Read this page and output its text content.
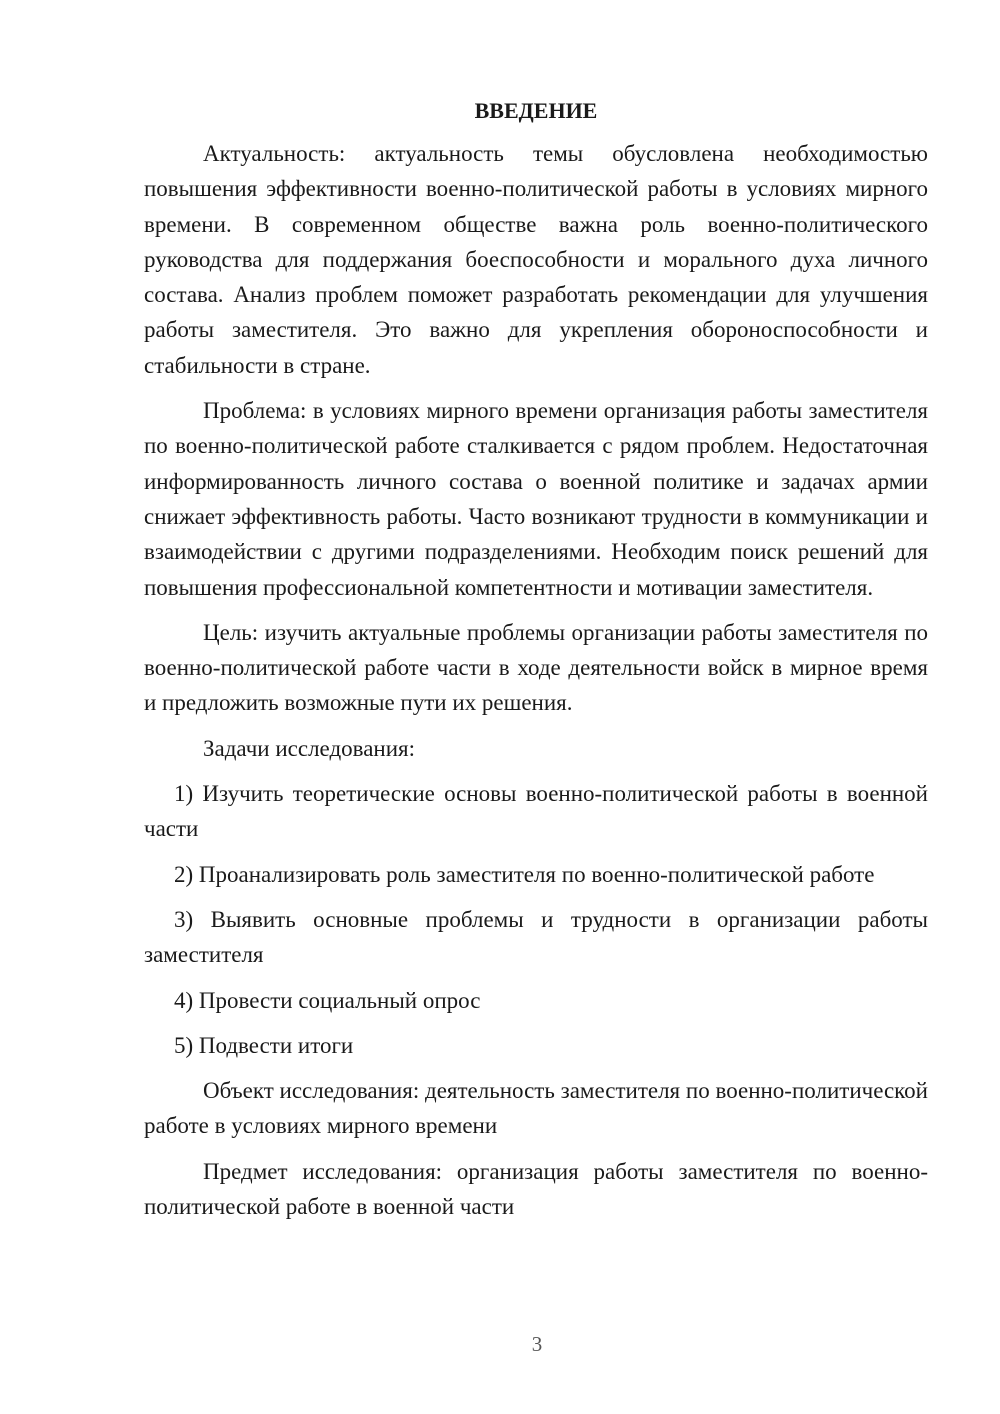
ВВЕДЕНИЕ

Актуальность: актуальность темы обусловлена необходимостью повышения эффективности военно-политической работы в условиях мирного времени. В современном обществе важна роль военно-политического руководства для поддержания боеспособности и морального духа личного состава. Анализ проблем поможет разработать рекомендации для улучшения работы заместителя. Это важно для укрепления обороноспособности и стабильности в стране.

Проблема: в условиях мирного времени организация работы заместителя по военно-политической работе сталкивается с рядом проблем. Недостаточная информированность личного состава о военной политике и задачах армии снижает эффективность работы. Часто возникают трудности в коммуникации и взаимодействии с другими подразделениями. Необходим поиск решений для повышения профессиональной компетентности и мотивации заместителя.

Цель: изучить актуальные проблемы организации работы заместителя по военно-политической работе части в ходе деятельности войск в мирное время и предложить возможные пути их решения.

Задачи исследования:

1) Изучить теоретические основы военно-политической работы в военной части

2) Проанализировать роль заместителя по военно-политической работе

3) Выявить основные проблемы и трудности в организации работы заместителя

4) Провести социальный опрос

5) Подвести итоги

Объект исследования: деятельность заместителя по военно-политической работе в условиях мирного времени

Предмет исследования: организация работы заместителя по военно-политической работе в военной части

3
